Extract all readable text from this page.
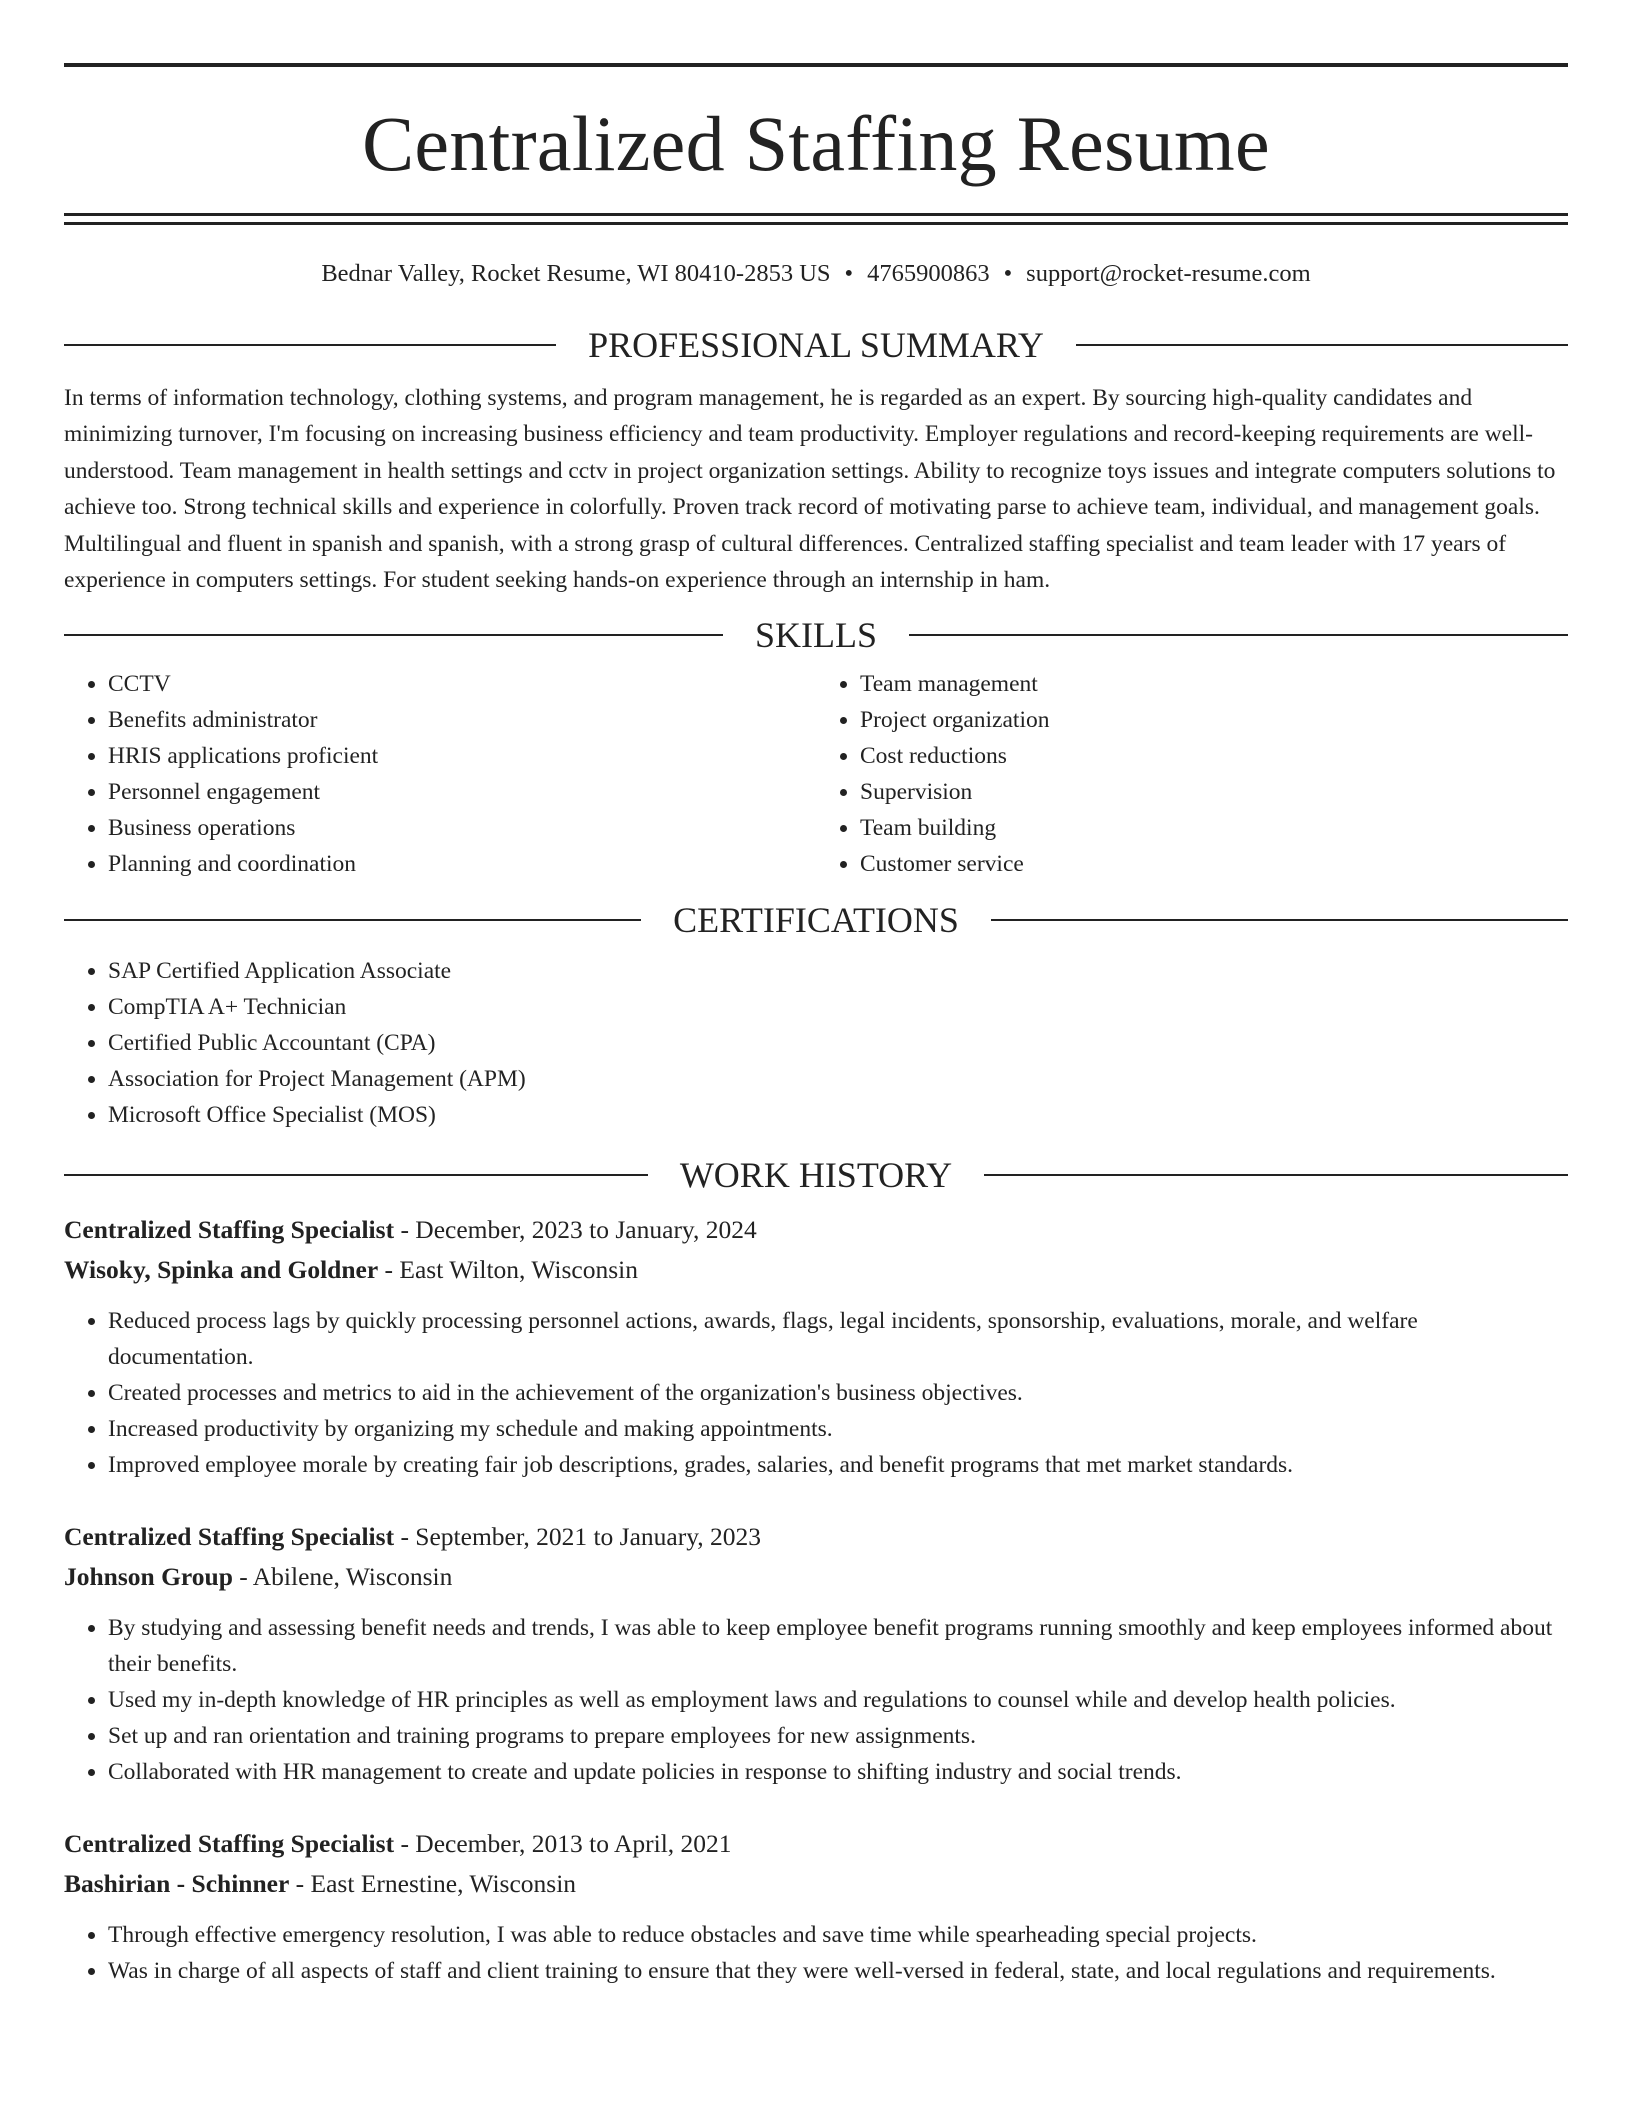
Centralized Staffing Resume
Bednar Valley, Rocket Resume, WI 80410-2853 US • 4765900863 • support@rocket-resume.com
PROFESSIONAL SUMMARY

In terms of information technology, clothing systems, and program management, he is regarded as an expert. By sourcing high-quality candidates and minimizing turnover, I'm focusing on increasing business efficiency and team productivity. Employer regulations and record-keeping requirements are well-understood. Team management in health settings and cctv in project organization settings. Ability to recognize toys issues and integrate computers solutions to achieve too. Strong technical skills and experience in colorfully. Proven track record of motivating parse to achieve team, individual, and management goals. Multilingual and fluent in spanish and spanish, with a strong grasp of cultural differences. Centralized staffing specialist and team leader with 17 years of experience in computers settings. For student seeking hands-on experience through an internship in ham.

SKILLS
• CCTV
• Benefits administrator
• HRIS applications proficient
• Personnel engagement
• Business operations
• Planning and coordination
• Team management
• Project organization
• Cost reductions
• Supervision
• Team building
• Customer service
CERTIFICATIONS
• SAP Certified Application Associate
• CompTIA A+ Technician
• Certified Public Accountant (CPA)
• Association for Project Management (APM)
• Microsoft Office Specialist (MOS)
WORK HISTORY
Centralized Staffing Specialist - December, 2023 to January, 2024
Wisoky, Spinka and Goldner - East Wilton, Wisconsin
• Reduced process lags by quickly processing personnel actions, awards, flags, legal incidents, sponsorship, evaluations, morale, and welfare documentation.
• Created processes and metrics to aid in the achievement of the organization's business objectives.
• Increased productivity by organizing my schedule and making appointments.
• Improved employee morale by creating fair job descriptions, grades, salaries, and benefit programs that met market standards.
Centralized Staffing Specialist - September, 2021 to January, 2023
Johnson Group - Abilene, Wisconsin
• By studying and assessing benefit needs and trends, I was able to keep employee benefit programs running smoothly and keep employees informed about their benefits.
• Used my in-depth knowledge of HR principles as well as employment laws and regulations to counsel while and develop health policies.
• Set up and ran orientation and training programs to prepare employees for new assignments.
• Collaborated with HR management to create and update policies in response to shifting industry and social trends.
Centralized Staffing Specialist - December, 2013 to April, 2021
Bashirian - Schinner - East Ernestine, Wisconsin
• Through effective emergency resolution, I was able to reduce obstacles and save time while spearheading special projects.
• Was in charge of all aspects of staff and client training to ensure that they were well-versed in federal, state, and local regulations and requirements.
